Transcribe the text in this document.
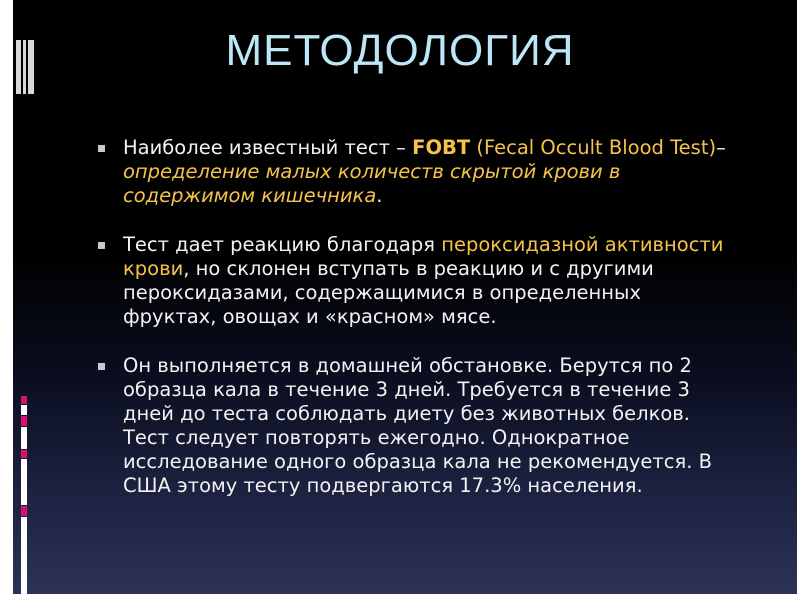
МЕТОДОЛОГИЯ
Наиболее известный тест – FOBT (Fecal Occult Blood Test)– определение малых количеств скрытой крови в содержимом кишечника.
Тест дает реакцию благодаря пероксидазной активности крови, но склонен вступать в реакцию и с другими пероксидазами, содержащимися в определенных фруктах, овощах и «красном» мясе.
Он выполняется в домашней обстановке. Берутся по 2 образца кала в течение 3 дней. Требуется в течение 3 дней до теста соблюдать диету без животных белков. Тест следует повторять ежегодно. Однократное исследование одного образца кала не рекомендуется. В США этому тесту подвергаются 17.3% населения.
